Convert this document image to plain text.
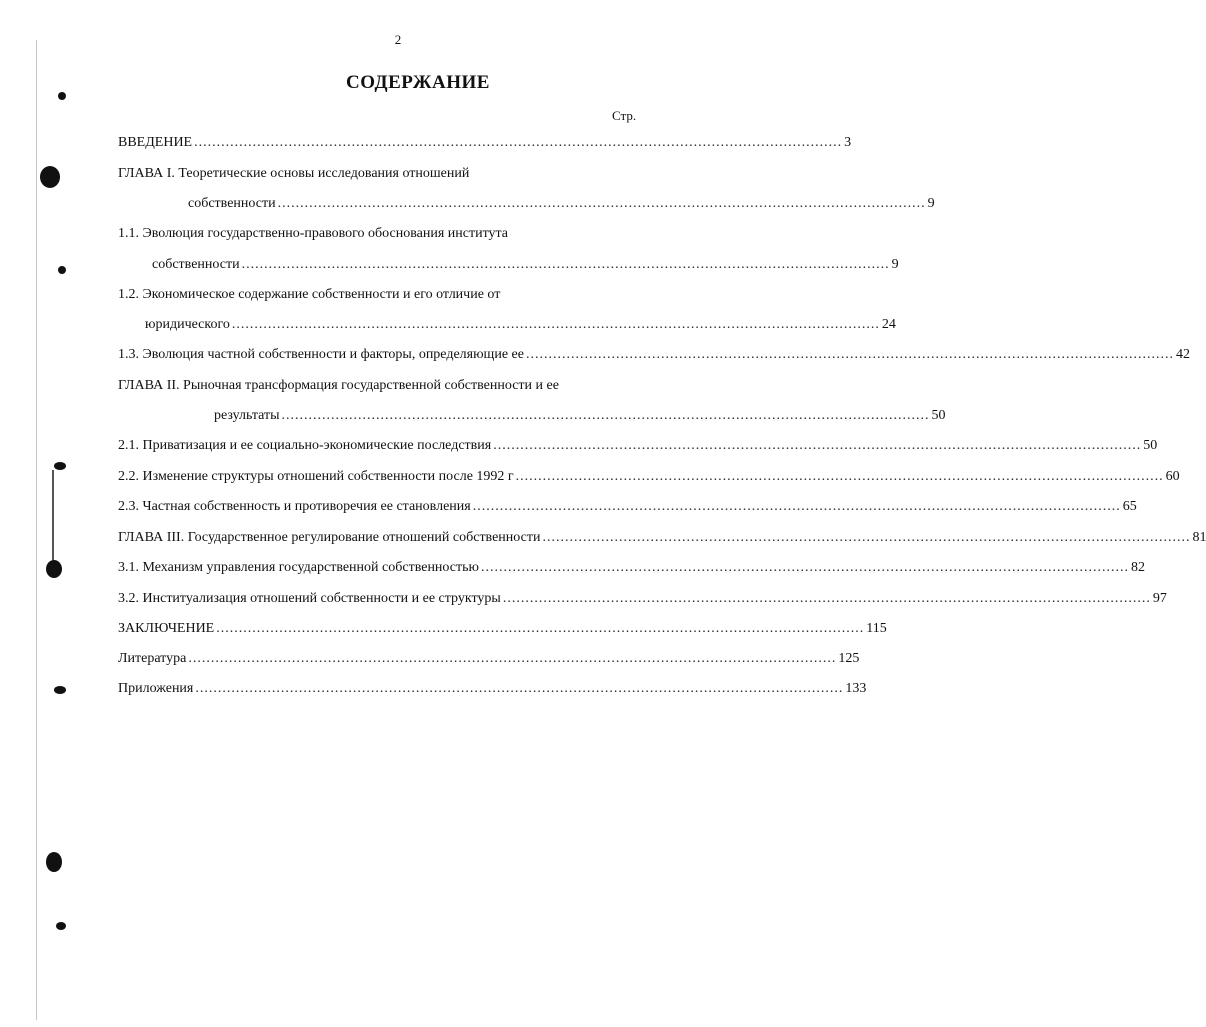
2
СОДЕРЖАНИЕ
Стр.
ВВЕДЕНИЕ ................................................................................................................................................ 3
ГЛАВА I. Теоретические основы исследования отношений
собственности ................................................................................................................................................ 9
1.1. Эволюция государственно-правового обоснования института
собственности ................................................................................................................................................ 9
1.2. Экономическое содержание собственности и его отличие от
юридического ................................................................................................................................................ 24
1.3. Эволюция частной собственности и факторы, определяющие ее ................................................................................................................................................ 42
ГЛАВА II. Рыночная трансформация государственной собственности и ее
результаты ................................................................................................................................................ 50
2.1. Приватизация и ее социально-экономические последствия ................................................................................................................................................ 50
2.2. Изменение структуры отношений собственности после 1992 г ................................................................................................................................................ 60
2.3. Частная собственность и противоречия ее становления ................................................................................................................................................ 65
ГЛАВА III. Государственное регулирование отношений собственности ................................................................................................................................................ 81
3.1. Механизм управления государственной собственностью ................................................................................................................................................ 82
3.2. Институализация отношений собственности и ее структуры ................................................................................................................................................ 97
ЗАКЛЮЧЕНИЕ ................................................................................................................................................ 115
Литература ................................................................................................................................................ 125
Приложения ................................................................................................................................................ 133
